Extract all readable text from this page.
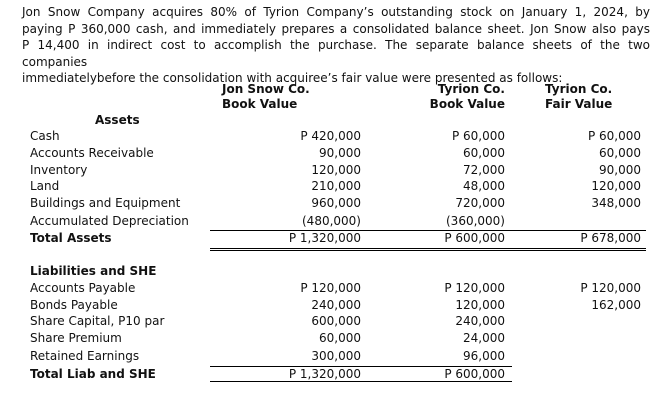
Jon Snow Company acquires 80% of Tyrion Company’s outstanding stock on January 1, 2024, by
paying P 360,000 cash, and immediately prepares a consolidated balance sheet. Jon Snow also pays
P 14,400 in indirect cost to accomplish the purchase. The separate balance sheets of the two companies
immediatelybefore the consolidation with acquiree’s fair value were presented as follows:
Jon Snow Co.
Book Value
Tyrion Co.
Book Value
Tyrion Co.
Fair Value
Assets
Cash	P 420,000	P 60,000	P 60,000
Accounts Receivable	90,000	60,000	60,000
Inventory	120,000	72,000	90,000
Land	210,000	48,000	120,000
Buildings and Equipment	960,000	720,000	348,000
Accumulated Depreciation	(480,000)	(360,000)
Total Assets	P 1,320,000	P 600,000	P 678,000
Liabilities and SHE
Accounts Payable	P 120,000	P 120,000	P 120,000
Bonds Payable	240,000	120,000	162,000
Share Capital, P10 par	600,000	240,000
Share Premium	60,000	24,000
Retained Earnings	300,000	96,000
Total Liab and SHE	P 1,320,000	P 600,000
